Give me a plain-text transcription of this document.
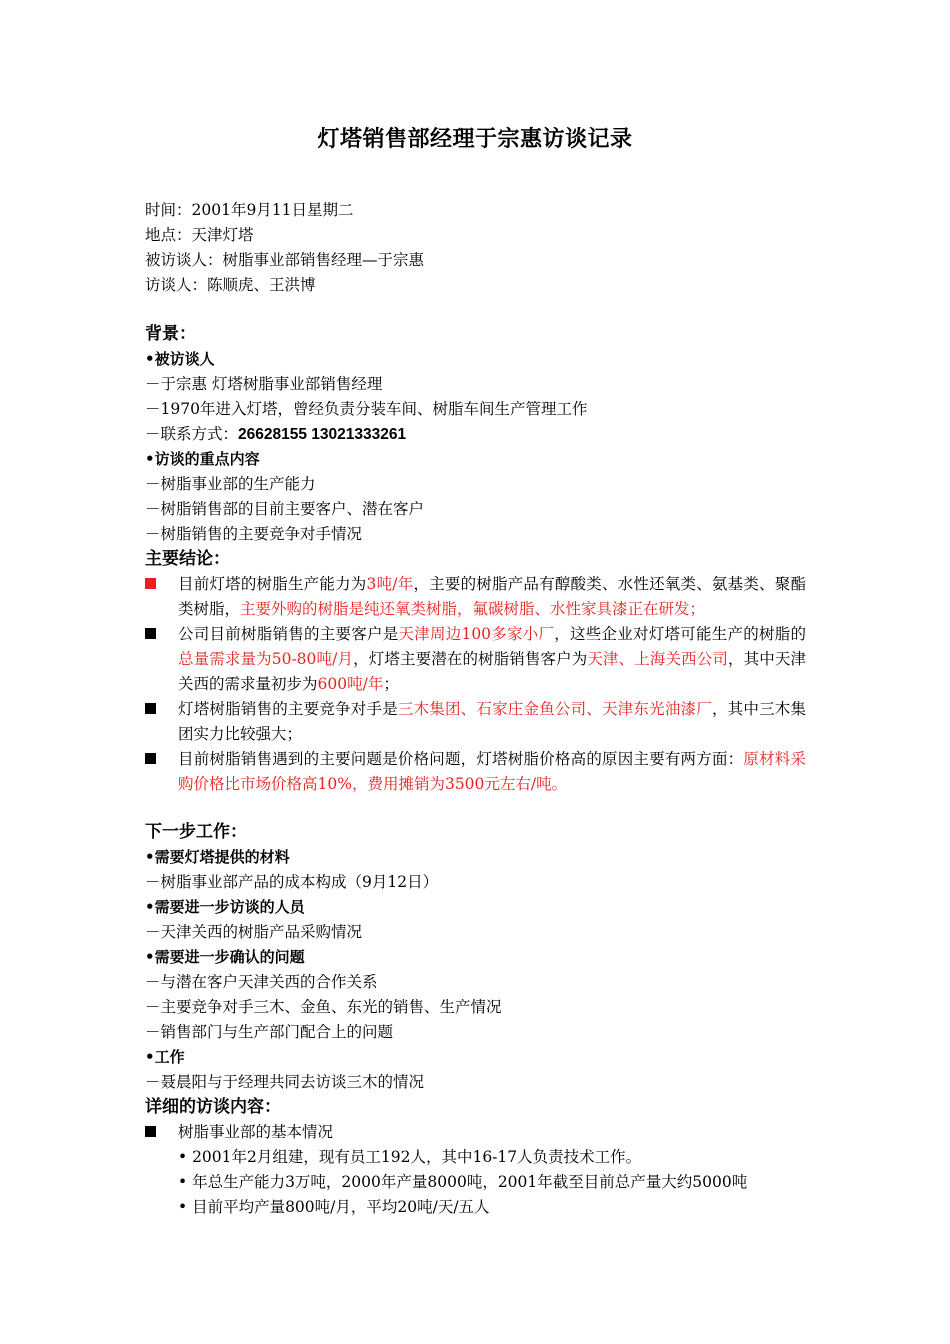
灯塔销售部经理于宗惠访谈记录
时间：2001年9月11日星期二
地点：天津灯塔
被访谈人：树脂事业部销售经理—于宗惠
访谈人：陈顺虎、王洪博
背景：
•被访谈人
－于宗惠 灯塔树脂事业部销售经理
－1970年进入灯塔，曾经负责分装车间、树脂车间生产管理工作
－联系方式：26628155 13021333261
•访谈的重点内容
－树脂事业部的生产能力
－树脂销售部的目前主要客户、潜在客户
－树脂销售的主要竞争对手情况
主要结论：
目前灯塔的树脂生产能力为3吨/年，主要的树脂产品有醇酸类、水性还氧类、氨基类、聚酯类树脂，主要外购的树脂是纯还氧类树脂，氟碳树脂、水性家具漆正在研发；
公司目前树脂销售的主要客户是天津周边100多家小厂，这些企业对灯塔可能生产的树脂的总量需求量为50-80吨/月，灯塔主要潜在的树脂销售客户为天津、上海关西公司，其中天津关西的需求量初步为600吨/年；
灯塔树脂销售的主要竞争对手是三木集团、石家庄金鱼公司、天津东光油漆厂，其中三木集团实力比较强大；
目前树脂销售遇到的主要问题是价格问题，灯塔树脂价格高的原因主要有两方面：原材料采购价格比市场价格高10%，费用摊销为3500元左右/吨。
下一步工作：
•需要灯塔提供的材料
－树脂事业部产品的成本构成（9月12日）
•需要进一步访谈的人员
－天津关西的树脂产品采购情况
•需要进一步确认的问题
－与潜在客户天津关西的合作关系
－主要竞争对手三木、金鱼、东光的销售、生产情况
－销售部门与生产部门配合上的问题
•工作
－聂晨阳与于经理共同去访谈三木的情况
详细的访谈内容：
树脂事业部的基本情况
• 2001年2月组建，现有员工192人，其中16-17人负责技术工作。
• 年总生产能力3万吨，2000年产量8000吨，2001年截至目前总产量大约5000吨
• 目前平均产量800吨/月，平均20吨/天/五人
